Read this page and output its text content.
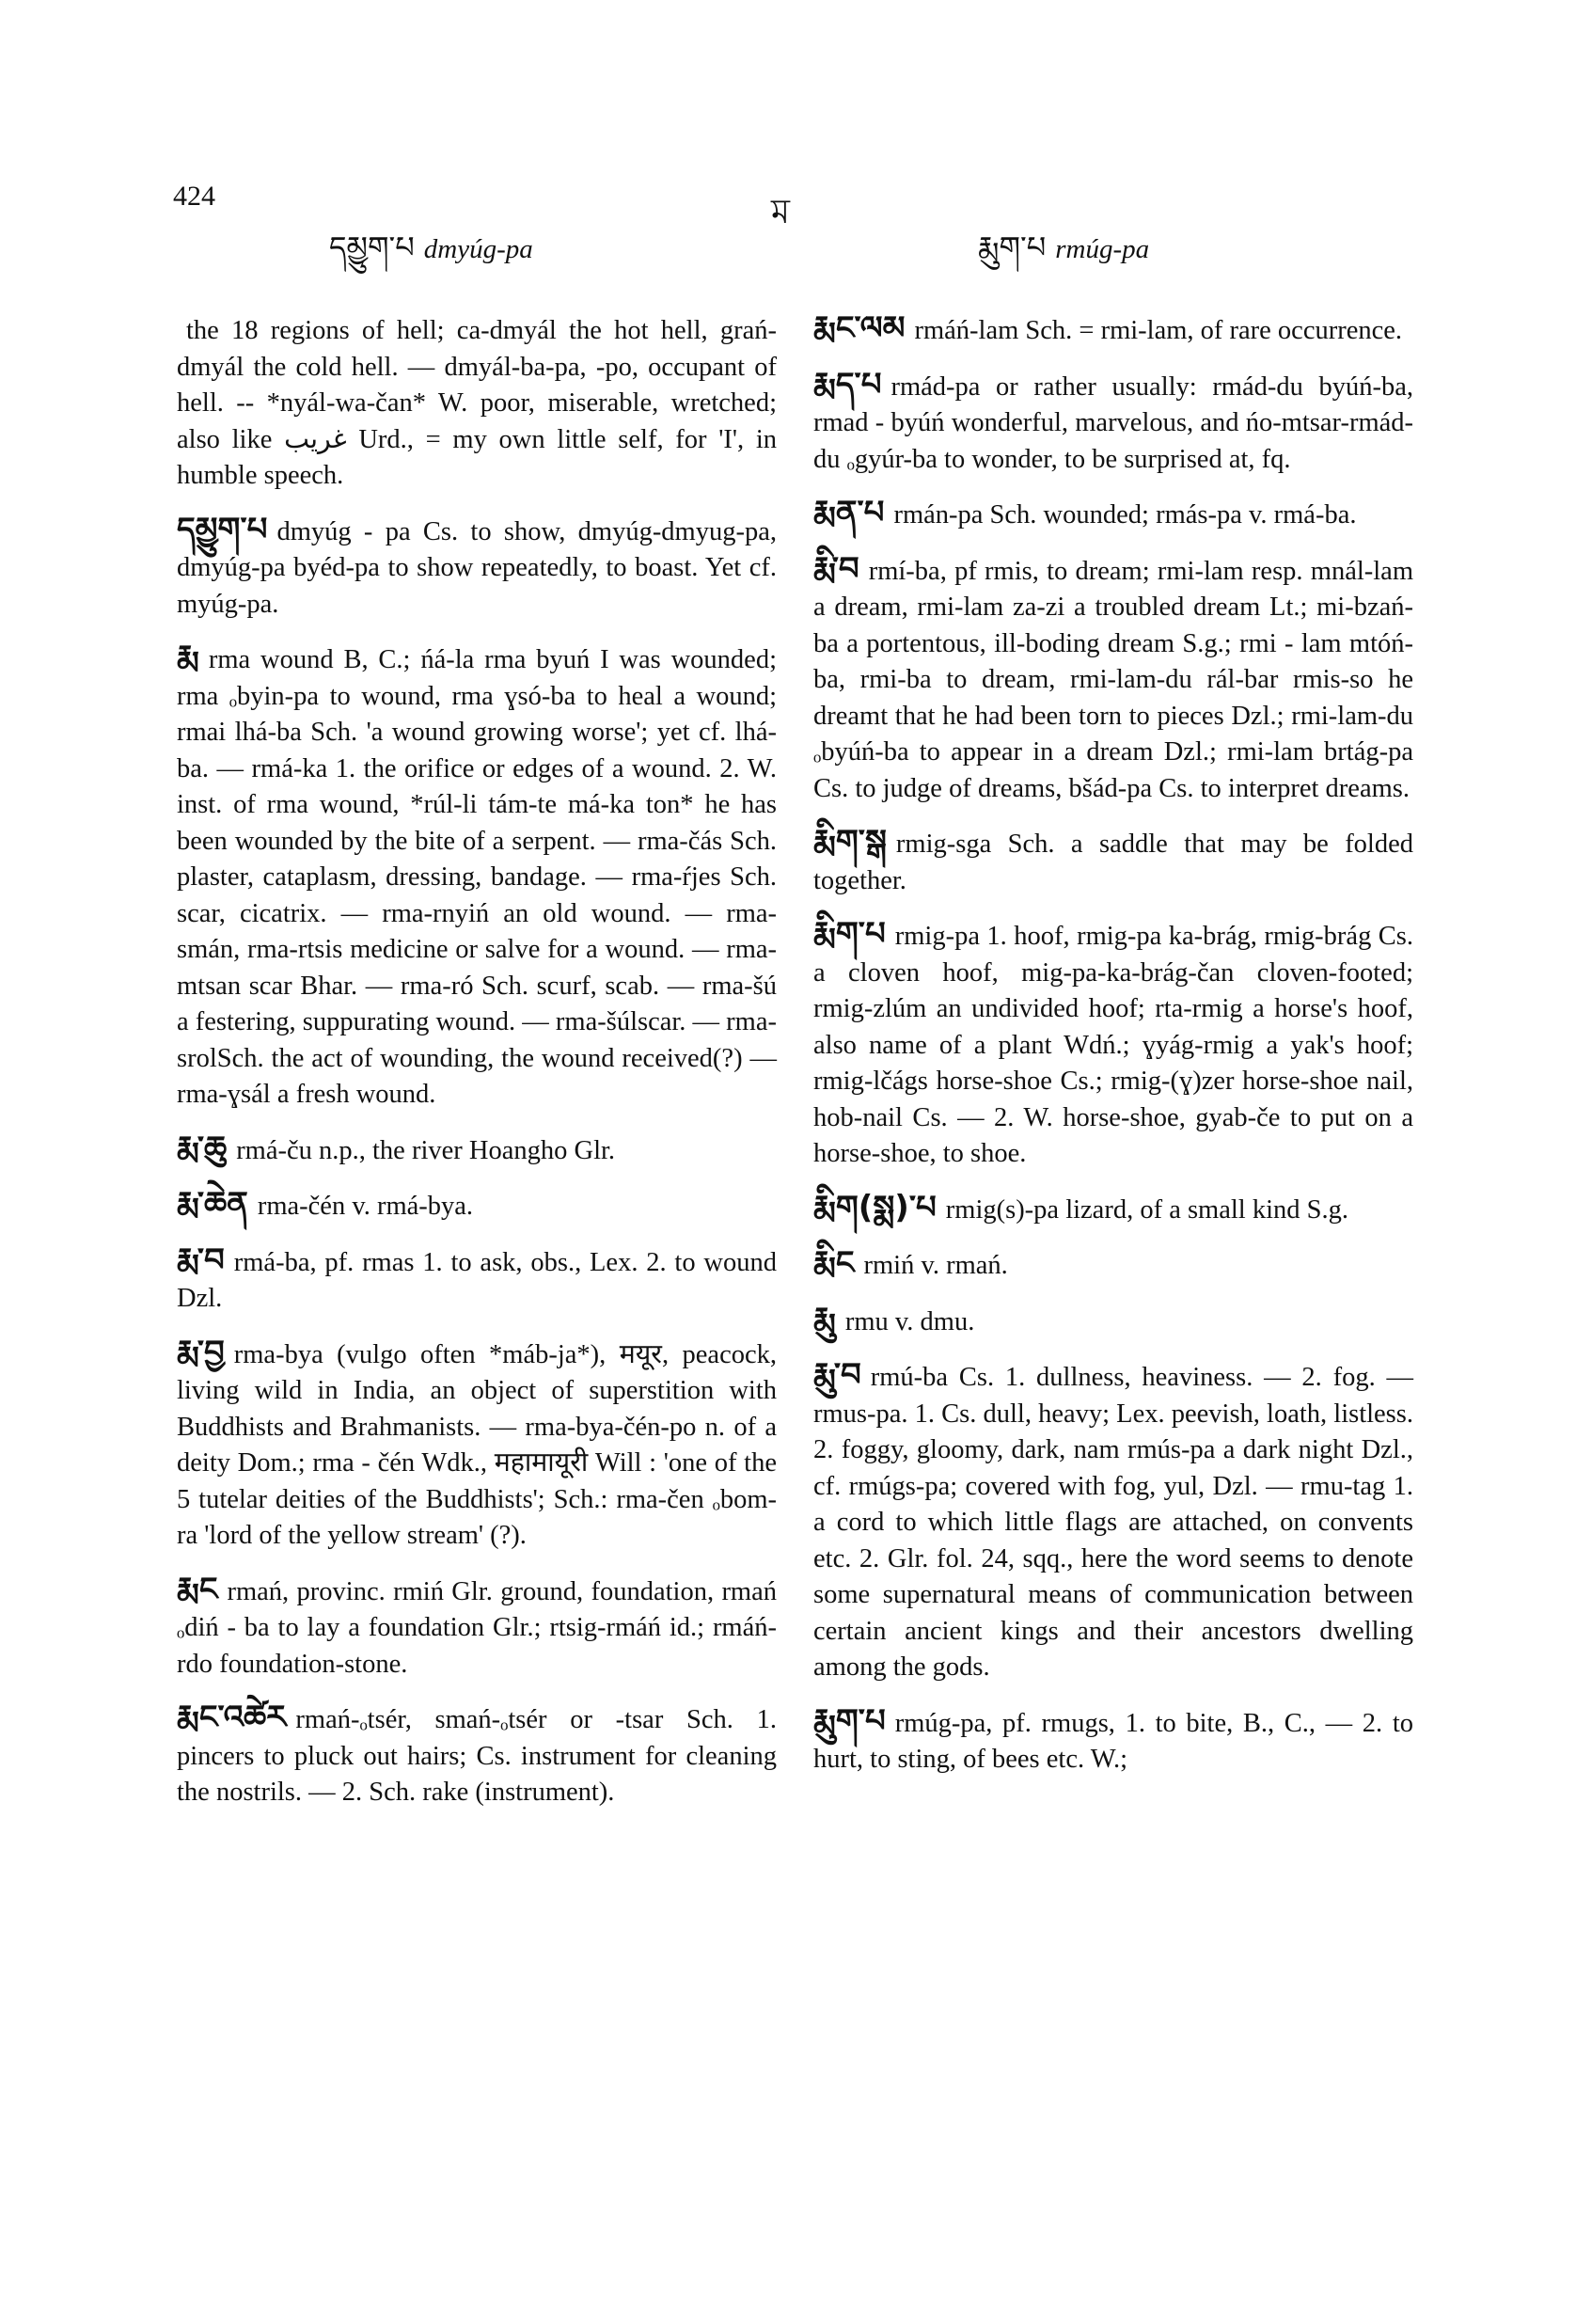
424	ম
དམྱུག་པ dmyúg-pa	རྨུག་པ rmúg-pa

the 18 regions of hell; ca-dmyál the hot hell, grań-dmyál the cold hell. — dmyál-ba-pa, -po, occupant of hell. -- *nyál-wa-čan* W. poor, miserable, wretched; also like غريب Urd., = my own little self, for 'I', in humble speech.

དམྱུག་པ dmyúg - pa Cs. to show, dmyúg-dmyug-pa, dmyúg-pa byéd-pa to show repeatedly, to boast. Yet cf. myúg-pa.

རྨ rma wound B, C.; ńá-la rma byuń I was wounded; rma ₒbyin-pa to wound, rma ɣsó-ba to heal a wound; rmai lhá-ba Sch. 'a wound growing worse'; yet cf. lhá-ba. — rmá-ka 1. the orifice or edges of a wound. 2. W. inst. of rma wound, *rúl-li tám-te má-ka ton* he has been wounded by the bite of a serpent. — rma-čás Sch. plaster, cataplasm, dressing, bandage. — rma-ŕjes Sch. scar, cicatrix. — rma-rnyiń an old wound. — rma-smán, rma-rtsis medicine or salve for a wound. — rma-mtsan scar Bhar. — rma-ró Sch. scurf, scab. — rma-šú a festering, suppurating wound. — rma-šúlscar. — rma-srolSch. the act of wounding, the wound received(?) — rma-ɣsál a fresh wound.

རྨ་ཆུ rmá-ču n.p., the river Hoangho Glr.

རྨ་ཆེན rma-čén v. rmá-bya.

རྨ་བ rmá-ba, pf. rmas 1. to ask, obs., Lex. 2. to wound Dzl.

རྨ་བྱ rma-bya (vulgo often *máb-ja*), मयूर, peacock, living wild in India, an object of superstition with Buddhists and Brahmanists. — rma-bya-čén-po n. of a deity Dom.; rma - čén Wdk., महामायूरी Will : 'one of the 5 tutelar deities of the Buddhists'; Sch.: rma-čen ₒbom-ra 'lord of the yellow stream' (?).

རྨང rmań, provinc. rmiń Glr. ground, foundation, rmań ₒdiń - ba to lay a foundation Glr.; rtsig-rmáń id.; rmáń-rdo foundation-stone.

རྨང་འཚེར rmań-ₒtsér, smań-ₒtsér or -tsar Sch. 1. pincers to pluck out hairs; Cs. instrument for cleaning the nostrils. — 2. Sch. rake (instrument).

རྨང་ལམ rmáń-lam Sch. = rmi-lam, of rare occurrence.

རྨད་པ rmád-pa or rather usually: rmád-du byúń-ba, rmad - byúń wonderful, marvelous, and ńo-mtsar-rmád-du ₒgyúr-ba to wonder, to be surprised at, fq.

རྨན་པ rmán-pa Sch. wounded; rmás-pa v. rmá-ba.

རྨི་བ rmí-ba, pf rmis, to dream; rmi-lam resp. mnál-lam a dream, rmi-lam za-zi a troubled dream Lt.; mi-bzań-ba a portentous, ill-boding dream S.g.; rmi - lam mtóń-ba, rmi-ba to dream, rmi-lam-du rál-bar rmis-so he dreamt that he had been torn to pieces Dzl.; rmi-lam-du ₒbyúń-ba to appear in a dream Dzl.; rmi-lam brtág-pa Cs. to judge of dreams, bšád-pa Cs. to interpret dreams.

རྨིག་སྒ rmig-sga Sch. a saddle that may be folded together.

རྨིག་པ rmig-pa 1. hoof, rmig-pa ka-brág, rmig-brág Cs. a cloven hoof, mig-pa-ka-brág-čan cloven-footed; rmig-zlúm an undivided hoof; rta-rmig a horse's hoof, also name of a plant Wdń.; ɣyág-rmig a yak's hoof; rmig-lčágs horse-shoe Cs.; rmig-(ɣ)zer horse-shoe nail, hob-nail Cs. — 2. W. horse-shoe, gyab-če to put on a horse-shoe, to shoe.

རྨིག(སྨ)་པ rmig(s)-pa lizard, of a small kind S.g.

རྨིང rmiń v. rmań.

རྨུ rmu v. dmu.

རྨུ་བ rmú-ba Cs. 1. dullness, heaviness. — 2. fog. — rmus-pa. 1. Cs. dull, heavy; Lex. peevish, loath, listless. 2. foggy, gloomy, dark, nam rmús-pa a dark night Dzl., cf. rmúgs-pa; covered with fog, yul, Dzl. — rmu-tag 1. a cord to which little flags are attached, on convents etc. 2. Glr. fol. 24, sqq., here the word seems to denote some supernatural means of communication between certain ancient kings and their ancestors dwelling among the gods.

རྨུག་པ rmúg-pa, pf. rmugs, 1. to bite, B., C., — 2. to hurt, to sting, of bees etc. W.;
